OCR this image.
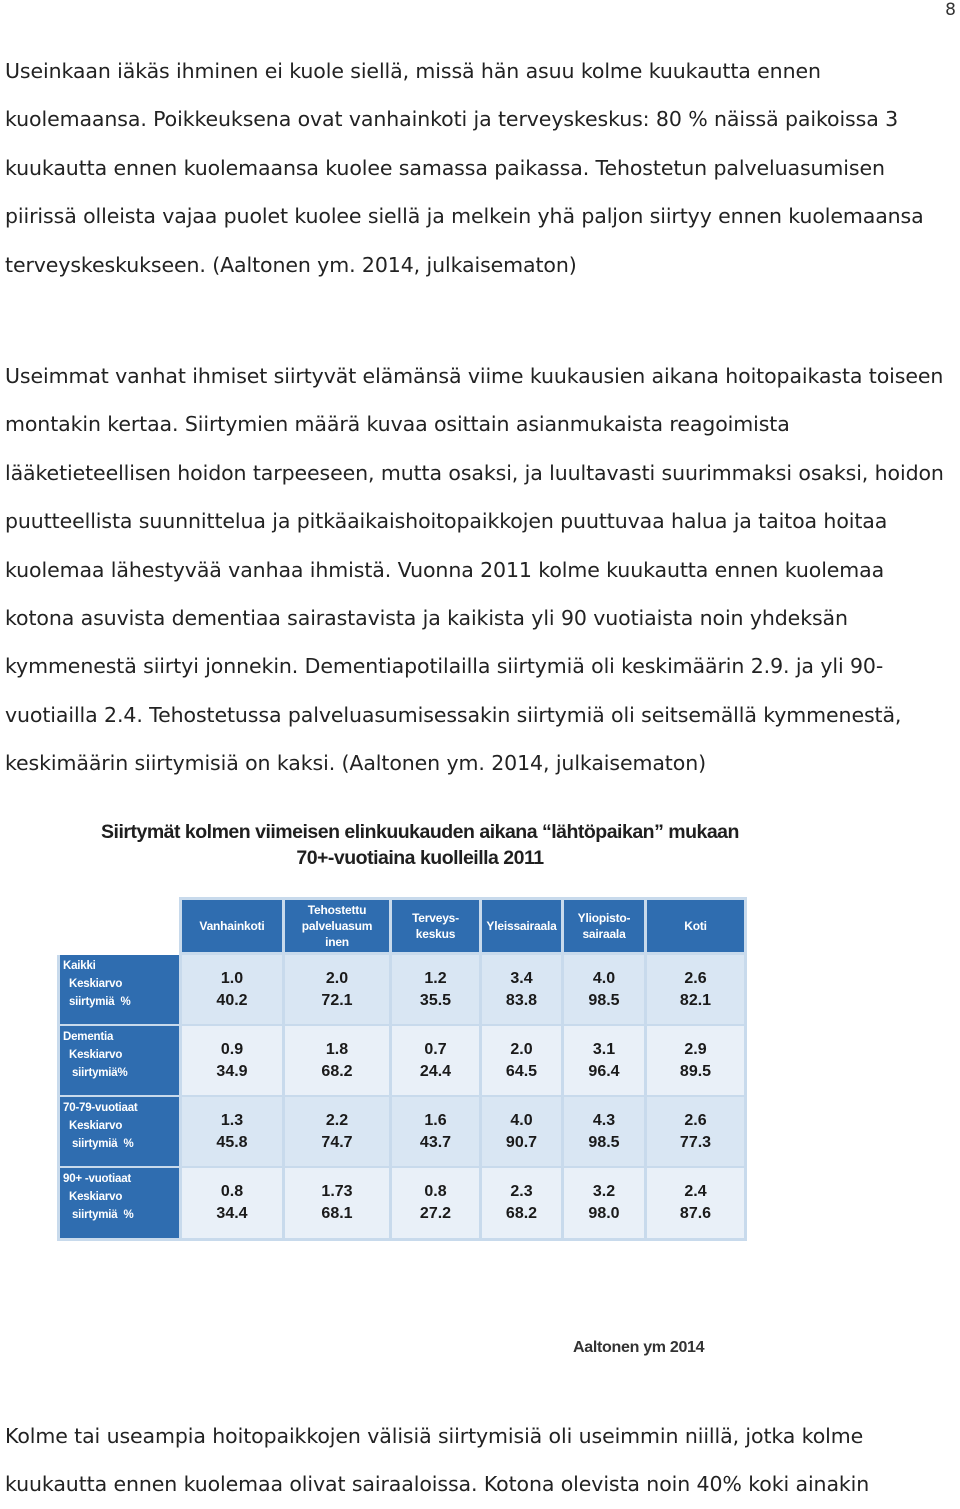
8

Useinkaan iäkäs ihminen ei kuole siellä, missä hän asuu kolme kuukautta ennen kuolemaansa. Poikkeuksena ovat vanhainkoti ja terveyskeskus: 80 % näissä paikoissa 3 kuukautta ennen kuolemaansa kuolee samassa paikassa. Tehostetun palveluasumisen piirissä olleista vajaa puolet kuolee siellä ja melkein yhä paljon siirtyy ennen kuolemaansa terveyskeskukseen. (Aaltonen ym. 2014, julkaisematon)

Useimmat vanhat ihmiset siirtyvät elämänsä viime kuukausien aikana hoitopaikasta toiseen montakin kertaa. Siirtymien määrä kuvaa osittain asianmukaista reagoimista lääketieteellisen hoidon tarpeeseen, mutta osaksi, ja luultavasti suurimmaksi osaksi, hoidon puutteellista suunnittelua ja pitkäaikaishoitopaikkojen puuttuvaa halua ja taitoa hoitaa kuolemaa lähestyvää vanhaa ihmistä. Vuonna 2011 kolme kuukautta ennen kuolemaa kotona asuvista dementiaa sairastavista ja kaikista yli 90 vuotiaista noin yhdeksän kymmenestä siirtyi jonnekin. Dementiapotilailla siirtymiä oli keskimäärin 2.9. ja yli 90-vuotiailla 2.4. Tehostetussa palveluasumisessakin siirtymiä oli seitsemällä kymmenestä, keskimäärin siirtymisiä on kaksi. (Aaltonen ym. 2014, julkaisematon)

Siirtymät kolmen viimeisen elinkuukauden aikana “lähtöpaikan” mukaan
70+-vuotiaina kuolleilla 2011
Vanhainkoti
Tehostettu
palveluasum
inen
Terveys-
keskus
Yleissairaala
Yliopisto-
sairaala
Koti
Kaikki
Keskiarvo
siirtymiä  %
1.0
40.2
2.0
72.1
1.2
35.5
3.4
83.8
4.0
98.5
2.6
82.1
Dementia
Keskiarvo
siirtymiä%
0.9
34.9
1.8
68.2
0.7
24.4
2.0
64.5
3.1
96.4
2.9
89.5
70-79-vuotiaat
Keskiarvo
siirtymiä  %
1.3
45.8
2.2
74.7
1.6
43.7
4.0
90.7
4.3
98.5
2.6
77.3
90+ -vuotiaat
Keskiarvo
siirtymiä  %
0.8
34.4
1.73
68.1
0.8
27.2
2.3
68.2
3.2
98.0
2.4
87.6
Aaltonen ym 2014

Kolme tai useampia hoitopaikkojen välisiä siirtymisiä oli useimmin niillä, jotka kolme kuukautta ennen kuolemaa olivat sairaaloissa. Kotona olevista noin 40% koki ainakin
